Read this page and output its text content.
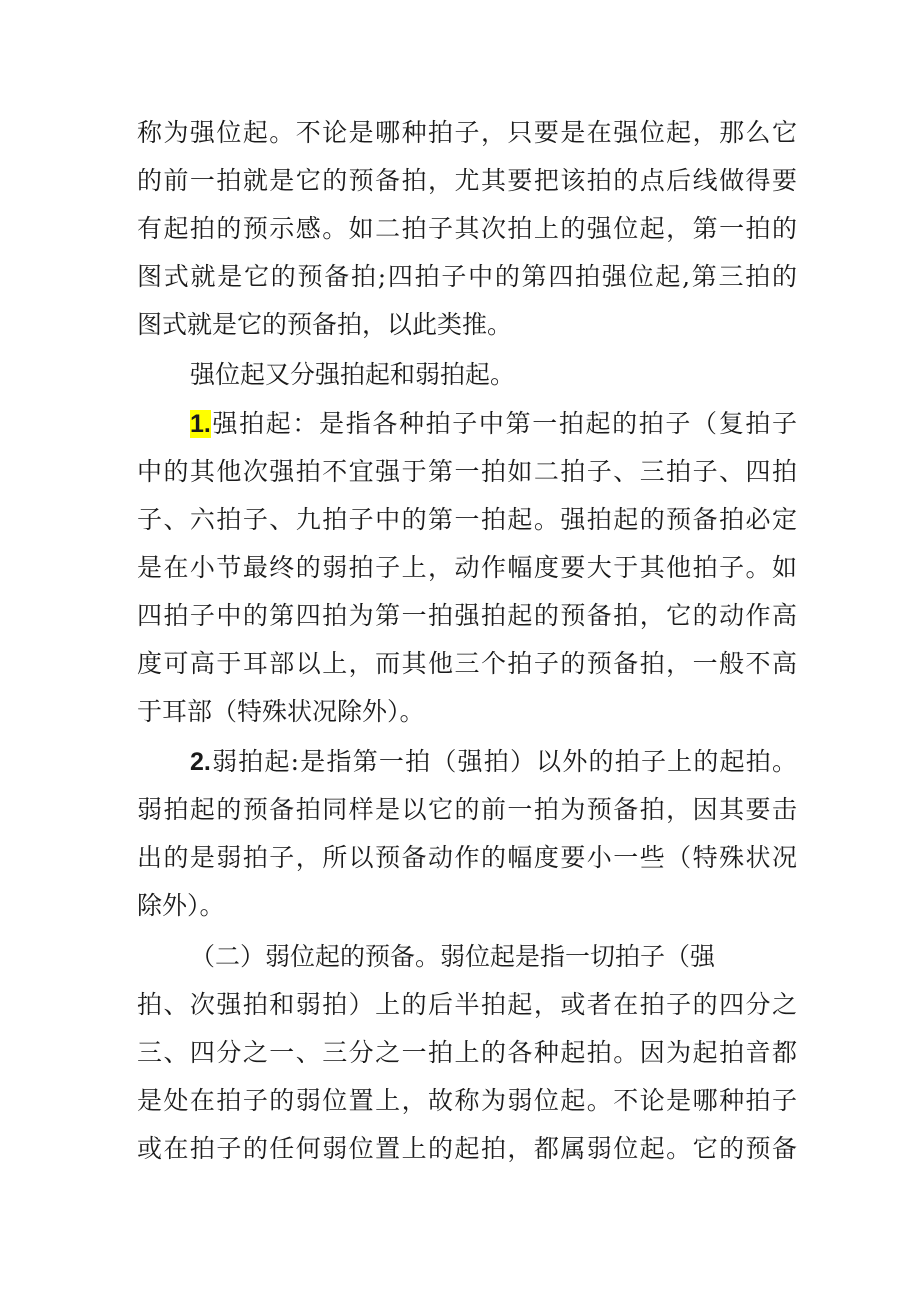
称为强位起。不论是哪种拍子，只要是在强位起，那么它
的前一拍就是它的预备拍，尤其要把该拍的点后线做得要
有起拍的预示感。如二拍子其次拍上的强位起，第一拍的
图式就是它的预备拍;四拍子中的第四拍强位起,第三拍的
图式就是它的预备拍，以此类推。
强位起又分强拍起和弱拍起。
1.强拍起：是指各种拍子中第一拍起的拍子（复拍子
中的其他次强拍不宜强于第一拍如二拍子、三拍子、四拍
子、六拍子、九拍子中的第一拍起。强拍起的预备拍必定
是在小节最终的弱拍子上，动作幅度要大于其他拍子。如
四拍子中的第四拍为第一拍强拍起的预备拍，它的动作高
度可高于耳部以上，而其他三个拍子的预备拍，一般不高
于耳部（特殊状况除外）。
2.弱拍起:是指第一拍（强拍）以外的拍子上的起拍。
弱拍起的预备拍同样是以它的前一拍为预备拍，因其要击
出的是弱拍子，所以预备动作的幅度要小一些（特殊状况
除外）。
（二）弱位起的预备。弱位起是指一切拍子（强
拍、次强拍和弱拍）上的后半拍起，或者在拍子的四分之
三、四分之一、三分之一拍上的各种起拍。因为起拍音都
是处在拍子的弱位置上，故称为弱位起。不论是哪种拍子
或在拍子的任何弱位置上的起拍，都属弱位起。它的预备
